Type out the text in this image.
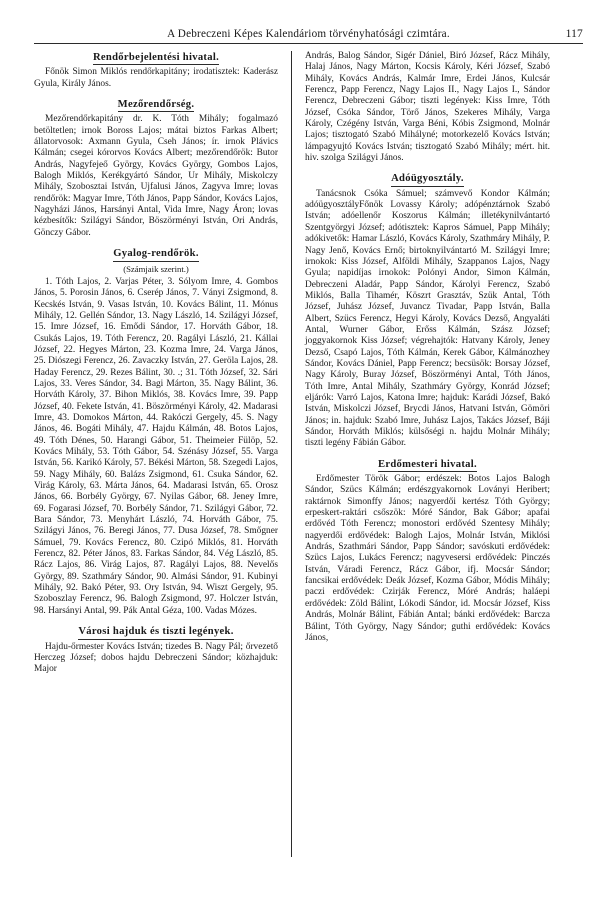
A Debreczeni Képes Kalendáriom törvényhatósági czimtára.	117
Rendőrbejelentési hivatal.

Főnök Simon Miklós rendőrkapitány; irodatisztek: Kaderász Gyula, Király János.

Mezőrendőrség.

Mezőrendőrkapitány dr. K. Tóth Mihály; fogalmazó betöltetlen; irnok Boross Lajos; mátai biztos Farkas Albert; állatorvosok: Axmann Gyula, Cseh János; ír. irnok Plávics Kálmán; csegei kórorvos Kovács Albert; mezőrendőrök: Butor András, Nagyfejeő György, Kovács György, Gombos Lajos, Balogh Miklós, Kerékgyártó Sándor, Ur Mihály, Miskolczy Mihály, Szobosztai István, Ujfalusi János, Zagyva Imre; lovas rendőrök: Magyar Imre, Tóth János, Papp Sándor, Kovács Lajos, Nagyházi János, Harsányi Antal, Vida Imre, Nagy Áron; lovas kézbesítők: Szilágyi Sándor, Böszörményi István, Ori András, Gönczy Gábor.

Gyalog-rendőrök.

(Számjaik szerint.)

1. Tóth Lajos, 2. Varjas Péter, 3. Sólyom Imre, 4. Gombos János, 5. Porosin János, 6. Cserép János, 7. Ványi Zsigmond, 8. Kecskés István, 9. Vasas István, 10. Kovács Bálint, 11. Mónus Mihály, 12. Gellén Sándor, 13. Nagy László, 14. Szilágyi József, 15. Imre József, 16. Emődi Sándor, 17. Horváth Gábor, 18. Csukás Lajos, 19. Tóth Ferencz, 20. Ragályi László, 21. Kállai József, 22. Hegyes Márton, 23. Kozma Imre, 24. Varga János, 25. Diószegi Ferencz, 26. Zavaczky István, 27. Geröla Lajos, 28. Haday Ferencz, 29. Rezes Bálint, 30. .; 31. Tóth József, 32. Sári Lajos, 33. Veres Sándor, 34. Bagi Márton, 35. Nagy Bálint, 36. Horváth Károly, 37. Bihon Miklós, 38. Kovács Imre, 39. Papp József, 40. Fekete István, 41. Böszörményi Károly, 42. Madarasi Imre, 43. Domokos Márton, 44. Rakóczi Gergely, 45. S. Nagy János, 46. Bogáti Mihály, 47. Hajdu Kálmán, 48. Botos Lajos, 49. Tóth Dénes, 50. Harangi Gábor, 51. Theimeier Fülöp, 52. Kovács Mihály, 53. Tóth Gábor, 54. Szénásy József, 55. Varga István, 56. Karikó Károly, 57. Békési Márton, 58. Szegedi Lajos, 59. Nagy Mihály, 60. Balázs Zsigmond, 61. Csuka Sándor, 62. Virág Károly, 63. Márta János, 64. Madarasi István, 65. Orosz János, 66. Borbély György, 67. Nyilas Gábor, 68. Jeney Imre, 69. Fogarasi József, 70. Borbély Sándor, 71. Szilágyi Gábor, 72. Bara Sándor, 73. Menyhárt László, 74. Horváth Gábor, 75. Szilágyi János, 76. Beregi János, 77. Dusa József, 78. Smőgner Sámuel, 79. Kovács Ferencz, 80. Czipó Miklós, 81. Horváth Ferencz, 82. Péter János, 83. Farkas Sándor, 84. Vég László, 85. Rácz Lajos, 86. Virág Lajos, 87. Ragályi Lajos, 88. Nevelős György, 89. Szathmáry Sándor, 90. Almási Sándor, 91. Kubinyi Mihály, 92. Bakó Péter, 93. Ory István, 94. Wiszt Gergely, 95. Szoboszlay Ferencz, 96. Balogh Zsigmond, 97. Holczer István, 98. Harsányi Antal, 99. Pák Antal Géza, 100. Vadas Mózes.

Városi hajduk és tiszti legények.

Hajdu-őrmester Kovács István; tizedes B. Nagy Pál; őrvezető Herczeg József; dobos hajdu Debreczeni Sándor; közhajduk: Major

András, Balog Sándor, Sigér Dániel, Biró József, Rácz Mihály, Halaj János, Nagy Márton, Kocsis Károly, Kéri József, Szabó Mihály, Kovács András, Kalmár Imre, Erdei János, Kulcsár Ferencz, Papp Ferencz, Nagy Lajos II., Nagy Lajos I., Sándor Ferencz, Debreczeni Gábor; tiszti legények: Kiss Imre, Tóth József, Csóka Sándor, Törő János, Szekeres Mihály, Varga Károly, Czégény István, Varga Béni, Kóbis Zsigmond, Molnár Lajos; tisztogató Szabó Mihályné; motorkezelő Kovács István; lámpagyujtó Kovács István; tisztogató Szabó Mihály; mért. hit. hiv. szolga Szilágyi János.

Adóügyosztály.

Tanácsnok Csóka Sámuel; számvevő Kondor Kálmán; adóügyosztályFőnök Lovassy Károly; adópénztárnok Szabó István; adóellenőr Koszorus Kálmán; illetékynilvántartó Szentgyörgyi József; adótisztek: Kapros Sámuel, Papp Mihály; adókivetők: Hamar László, Kovács Károly, Szathmáry Mihály, P. Nagy Jenő, Kovács Ernő; birtoknyilvántartó M. Szilágyi Imre; irnokok: Kiss József, Alföldi Mihály, Szappanos Lajos, Nagy Gyula; napidíjas irnokok: Polónyi Andor, Simon Kálmán, Debreczeni Aladár, Papp Sándor, Károlyi Ferencz, Szabó Miklós, Balla Tihamér, Köszrt Grasztáv, Szük Antal, Tóth József, Juhász József, Juvancz Tivadar, Papp István, Balla Albert, Szücs Ferencz, Hegyi Károly, Kovács Dezső, Angyaláti Antal, Wurner Gábor, Erőss Kálmán, Szász József; joggyakornok Kiss József; végrehajtók: Hatvany Károly, Jeney Dezső, Csapó Lajos, Tóth Kálmán, Kerek Gábor, Kálmánozhey Sándor, Kovács Dániel, Papp Ferencz; becsüsök: Borsay József, Nagy Károly, Buray József, Böszörményi Antal, Tóth János, Tóth Imre, Antal Mihály, Szathmáry György, Konrád József; eljárók: Varró Lajos, Katona Imre; hajduk: Karádi József, Bakó István, Miskolczi József, Brycdi János, Hatvani István, Gömöri János; in. hajduk: Szabó Imre, Juhász Lajos, Takács József, Báji Sándor, Horváth Miklós; külsőségi n. hajdu Molnár Mihály; tiszti legény Fábián Gábor.

Erdőmesteri hivatal.

Erdőmester Török Gábor; erdészek: Botos Lajos Balogh Sándor, Szücs Kálmán; erdészgyakornok Loványi Heribert; raktárnok Simonffy János; nagyerdői kertész Tóth György; erpeskert-raktári csőszök: Móré Sándor, Bak Gábor; apafai erdővéd Tóth Ferencz; monostori erdővéd Szentesy Mihály; nagyerdői erdővédek: Balogh Lajos, Molnár István, Miklósi András, Szathmári Sándor, Papp Sándor; savóskuti erdővédek: Szücs Lajos, Lukács Ferencz; nagyvesersi erdővédek: Pinczés István, Váradi Ferencz, Rácz Gábor, ifj. Mocsár Sándor; fancsikai erdővédek: Deák József, Kozma Gábor, Módis Mihály; paczi erdővédek: Czirják Ferencz, Móré András; haláepi erdővédek: Zöld Bálint, Lókodi Sándor, id. Mocsár József, Kiss András, Molnár Bálint, Fábián Antal; bánki erdővédek: Barcza Bálint, Tóth György, Nagy Sándor; guthi erdővédek: Kovács János,
